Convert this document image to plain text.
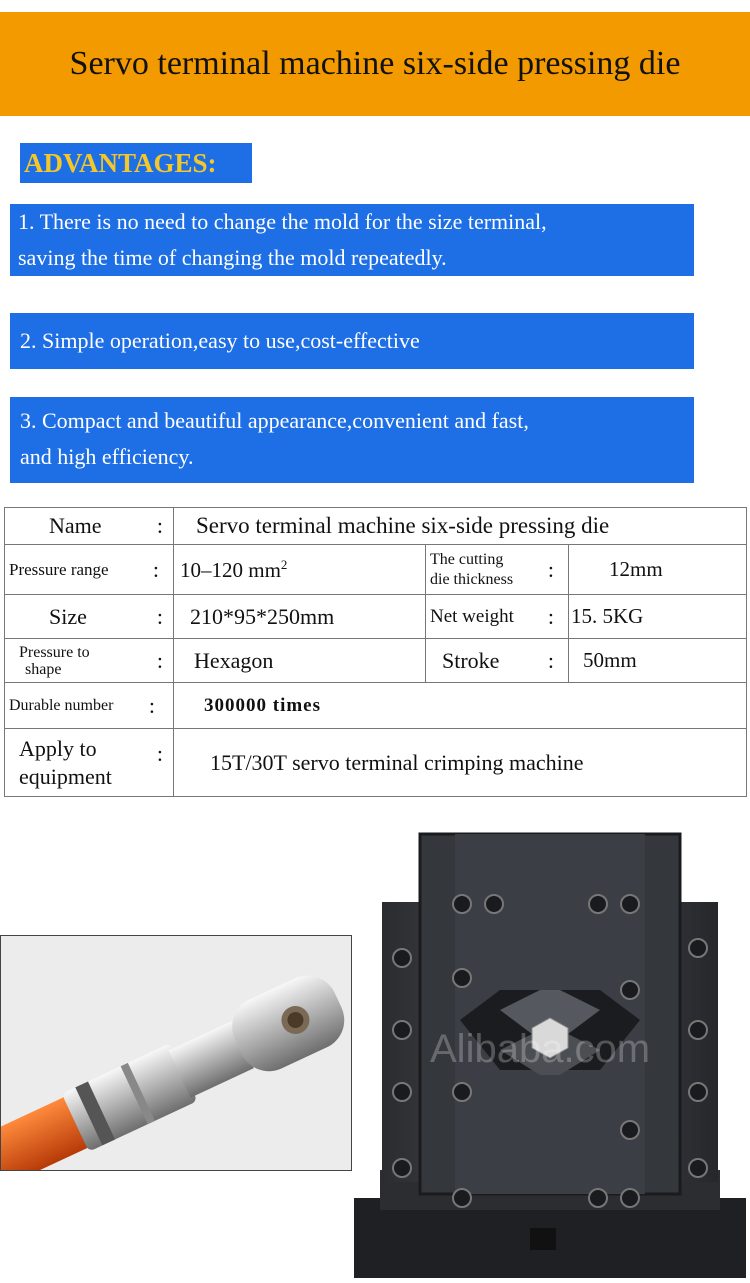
Servo terminal machine six-side pressing die
ADVANTAGES:
1. There is no need to change the mold for the size terminal,
saving the time of changing the mold repeatedly.
2. Simple operation,easy to use,cost-effective
3. Compact and beautiful appearance,convenient and fast,
and high efficiency.
Name :	Servo terminal machine six-side pressing die		

Pressure range :	10–120 $mm^2$	The cutting
die thickness :	12mm

Size :	210*95*250mm	Net weight :	15. 5KG

Pressure to
shape :	Hexagon	Stroke :	50mm

Durable number :	300000 times		

Apply to
equipment
:	15T/30T servo terminal crimping machine		
Alibaba.com
